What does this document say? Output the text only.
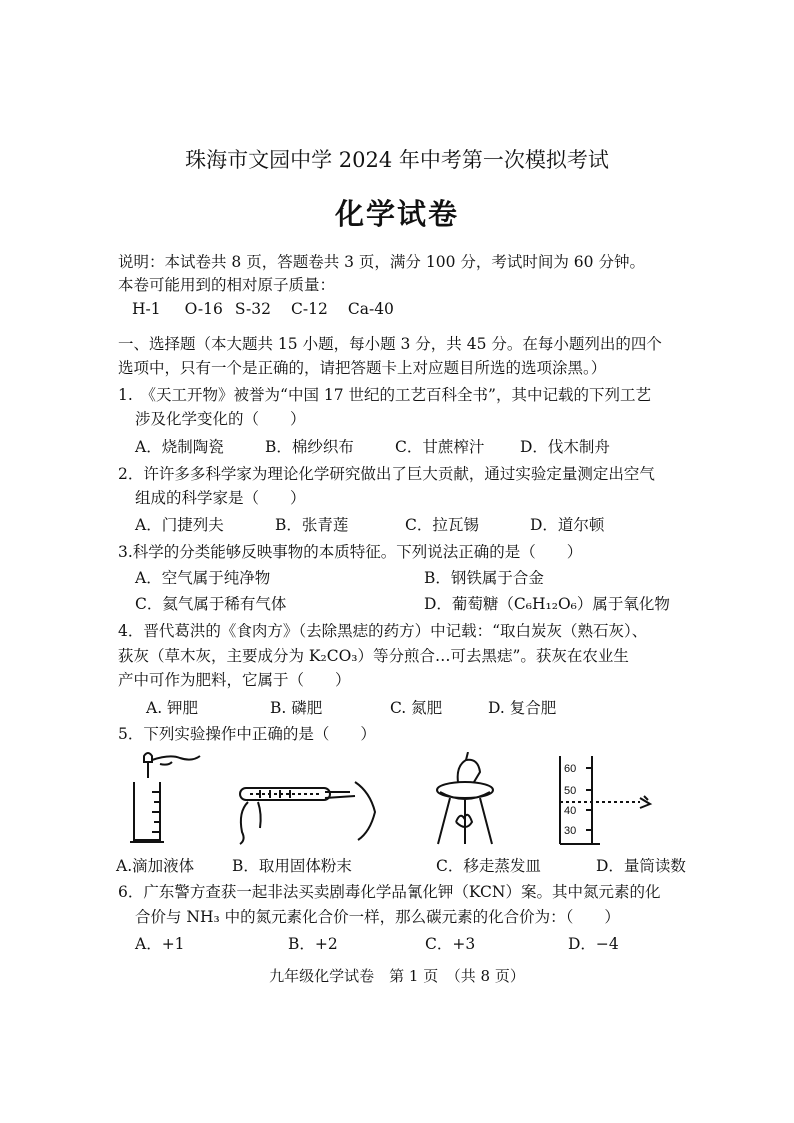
珠海市文园中学 2024 年中考第一次模拟考试
化学试卷
说明：本试卷共 8 页，答题卷共 3 页，满分 100 分，考试时间为 60 分钟。
本卷可能用到的相对原子质量：
H-1 O-16 S-32 C-12 Ca-40
一、选择题（本大题共 15 小题，每小题 3 分，共 45 分。在每小题列出的四个
选项中，只有一个是正确的，请把答题卡上对应题目所选的选项涂黑。）
1.　《天工开物》被誉为“中国 17 世纪的工艺百科全书”，其中记载的下列工艺
涉及化学变化的（　　）
A．烧制陶瓷	B．棉纱织布	C．甘蔗榨汁 D．伐木制舟
2．许许多多科学家为理论化学研究做出了巨大贡献，通过实验定量测定出空气
组成的科学家是（　　）
A．门捷列夫	B．张青莲	C．拉瓦锡	D．道尔顿
3.科学的分类能够反映事物的本质特征。下列说法正确的是（　　）
A．空气属于纯净物	B．钢铁属于合金
C．氦气属于稀有气体	D．葡萄糖（C₆H₁₂O₆）属于氧化物
4．晋代葛洪的《食肉方》（去除黑痣的药方）中记载：“取白炭灰（熟石灰）、
荻灰（草木灰，主要成分为 K₂CO₃）等分煎合…可去黑痣”。获灰在农业生
产中可作为肥料，它属于（　　）
A. 钾肥	B. 磷肥	C. 氮肥	D. 复合肥
5．下列实验操作中正确的是（　　）
60
50
40
30
A.滴加液体 B．取用固体粉末	C．移走蒸发皿	D．量筒读数
6．广东警方查获一起非法买卖剧毒化学品氰化钾（KCN）案。其中氮元素的化
合价与 NH₃ 中的氮元素化合价一样，那么碳元素的化合价为：（　　）
A．+1	B．+2	C．+3	D．−4
九年级化学试卷　第 1 页　（共 8 页）
